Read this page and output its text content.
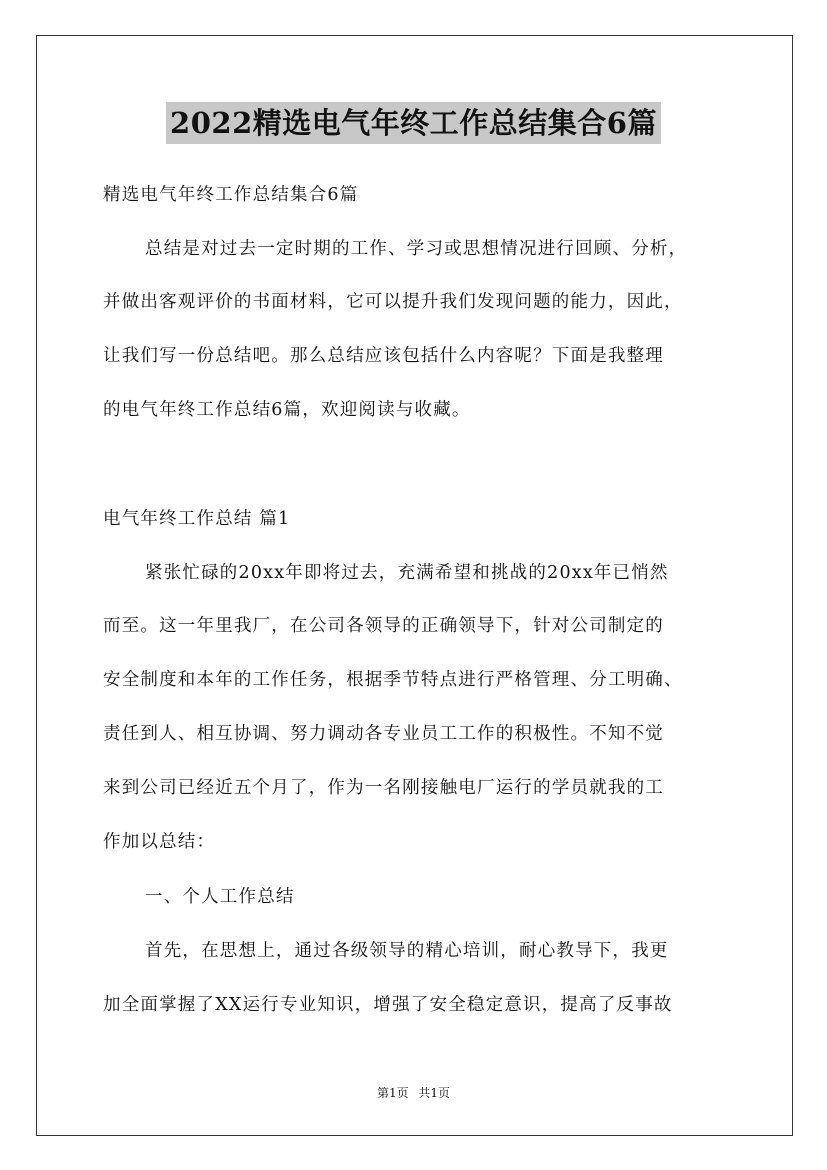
2022精选电气年终工作总结集合6篇
精选电气年终工作总结集合6篇
总结是对过去一定时期的工作、学习或思想情况进行回顾、分析，
并做出客观评价的书面材料，它可以提升我们发现问题的能力，因此，
让我们写一份总结吧。那么总结应该包括什么内容呢？下面是我整理
的电气年终工作总结6篇，欢迎阅读与收藏。
电气年终工作总结 篇1
紧张忙碌的20xx年即将过去，充满希望和挑战的20xx年已悄然
而至。这一年里我厂，在公司各领导的正确领导下，针对公司制定的
安全制度和本年的工作任务，根据季节特点进行严格管理、分工明确、
责任到人、相互协调、努力调动各专业员工工作的积极性。不知不觉
来到公司已经近五个月了，作为一名刚接触电厂运行的学员就我的工
作加以总结：
一、个人工作总结
首先，在思想上，通过各级领导的精心培训，耐心教导下，我更
加全面掌握了XX运行专业知识，增强了安全稳定意识，提高了反事故
第1页 共1页
